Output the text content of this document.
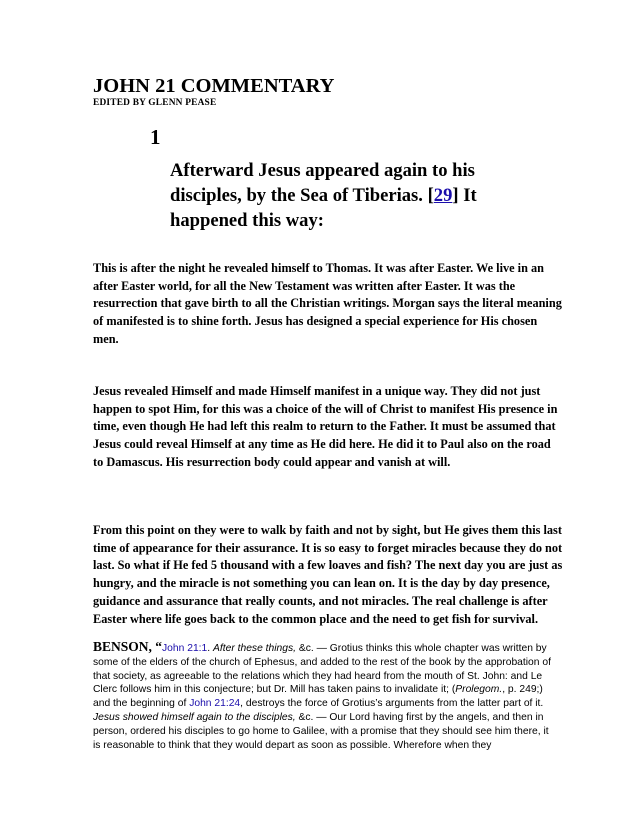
JOHN 21 COMMENTARY
EDITED BY GLENN PEASE
1
Afterward Jesus appeared again to his disciples, by the Sea of Tiberias. [29] It happened this way:
This is after the night he revealed himself to Thomas. It was after Easter. We live in an after Easter world, for all the New Testament was written after Easter. It was the resurrection that gave birth to all the Christian writings. Morgan says the literal meaning of manifested is to shine forth. Jesus has designed a special experience for His chosen men.
Jesus revealed Himself and made Himself manifest in a unique way. They did not just happen to spot Him, for this was a choice of the will of Christ to manifest His presence in time, even though He had left this realm to return to the Father. It must be assumed that Jesus could reveal Himself at any time as He did here. He did it to Paul also on the road to Damascus. His resurrection body could appear and vanish at will.
From this point on they were to walk by faith and not by sight, but He gives them this last time of appearance for their assurance. It is so easy to forget miracles because they do not last. So what if He fed 5 thousand with a few loaves and fish? The next day you are just as hungry, and the miracle is not something you can lean on. It is the day by day presence, guidance and assurance that really counts, and not miracles. The real challenge is after Easter where life goes back to the common place and the need to get fish for survival.
BENSON, “John 21:1. After these things, &c. — Grotius thinks this whole chapter was written by some of the elders of the church of Ephesus, and added to the rest of the book by the approbation of that society, as agreeable to the relations which they had heard from the mouth of St. John: and Le Clerc follows him in this conjecture; but Dr. Mill has taken pains to invalidate it; (Prolegom., p. 249;) and the beginning of John 21:24, destroys the force of Grotius’s arguments from the latter part of it. Jesus showed himself again to the disciples, &c. — Our Lord having first by the angels, and then in person, ordered his disciples to go home to Galilee, with a promise that they should see him there, it is reasonable to think that they would depart as soon as possible. Wherefore when they
